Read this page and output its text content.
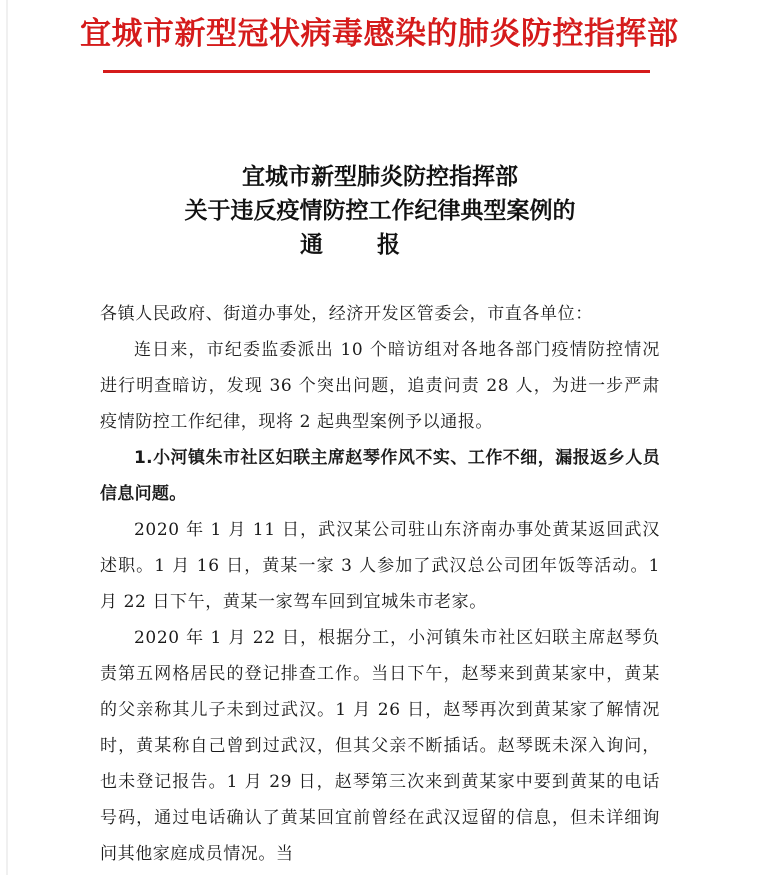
宜城市新型冠状病毒感染的肺炎防控指挥部
宜城市新型肺炎防控指挥部
关于违反疫情防控工作纪律典型案例的
通 报

各镇人民政府、街道办事处，经济开发区管委会，市直各单位：

连日来，市纪委监委派出 10 个暗访组对各地各部门疫情防控情况进行明查暗访，发现 36 个突出问题，追责问责 28 人，为进一步严肃疫情防控工作纪律，现将 2 起典型案例予以通报。

1.小河镇朱市社区妇联主席赵琴作风不实、工作不细，漏报返乡人员信息问题。

2020 年 1 月 11 日，武汉某公司驻山东济南办事处黄某返回武汉述职。1 月 16 日，黄某一家 3 人参加了武汉总公司团年饭等活动。1 月 22 日下午，黄某一家驾车回到宜城朱市老家。

2020 年 1 月 22 日，根据分工，小河镇朱市社区妇联主席赵琴负责第五网格居民的登记排查工作。当日下午，赵琴来到黄某家中，黄某的父亲称其儿子未到过武汉。1 月 26 日，赵琴再次到黄某家了解情况时，黄某称自己曾到过武汉，但其父亲不断插话。赵琴既未深入询问，也未登记报告。1 月 29 日，赵琴第三次来到黄某家中要到黄某的电话号码，通过电话确认了黄某回宜前曾经在武汉逗留的信息，但未详细询问其他家庭成员情况。当
